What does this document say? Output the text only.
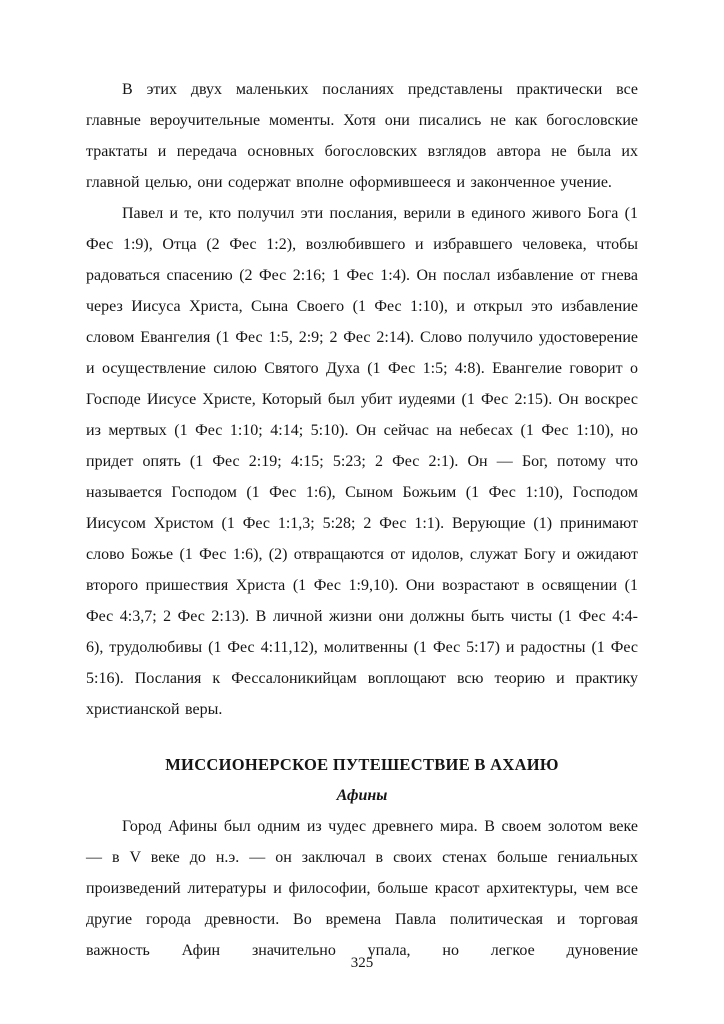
В этих двух маленьких посланиях представлены практически все главные вероучительные моменты. Хотя они писались не как богословские трактаты и передача основных богословских взглядов автора не была их главной целью, они содержат вполне оформившееся и законченное учение.

Павел и те, кто получил эти послания, верили в единого живого Бога (1 Фес 1:9), Отца (2 Фес 1:2), возлюбившего и избравшего человека, чтобы радоваться спасению (2 Фес 2:16; 1 Фес 1:4). Он послал избавление от гнева через Иисуса Христа, Сына Своего (1 Фес 1:10), и открыл это избавление словом Евангелия (1 Фес 1:5, 2:9; 2 Фес 2:14). Слово получило удостоверение и осуществление силою Святого Духа (1 Фес 1:5; 4:8). Евангелие говорит о Господе Иисусе Христе, Который был убит иудеями (1 Фес 2:15). Он воскрес из мертвых (1 Фес 1:10; 4:14; 5:10). Он сейчас на небесах (1 Фес 1:10), но придет опять (1 Фес 2:19; 4:15; 5:23; 2 Фес 2:1). Он — Бог, потому что называется Господом (1 Фес 1:6), Сыном Божьим (1 Фес 1:10), Господом Иисусом Христом (1 Фес 1:1,3; 5:28; 2 Фес 1:1). Верующие (1) принимают слово Божье (1 Фес 1:6), (2) отвращаются от идолов, служат Богу и ожидают второго пришествия Христа (1 Фес 1:9,10). Они возрастают в освящении (1 Фес 4:3,7; 2 Фес 2:13). В личной жизни они должны быть чисты (1 Фес 4:4-6), трудолюбивы (1 Фес 4:11,12), молитвенны (1 Фес 5:17) и радостны (1 Фес 5:16). Послания к Фессалоникийцам воплощают всю теорию и практику христианской веры.

МИССИОНЕРСКОЕ ПУТЕШЕСТВИЕ В АХАИЮ
Афины

Город Афины был одним из чудес древнего мира. В своем золотом веке — в V веке до н.э. — он заключал в своих стенах больше гениальных произведений литературы и философии, больше красот архитектуры, чем все другие города древности. Во времена Павла политическая и торговая важность Афин значительно упала, но легкое дуновение

325
